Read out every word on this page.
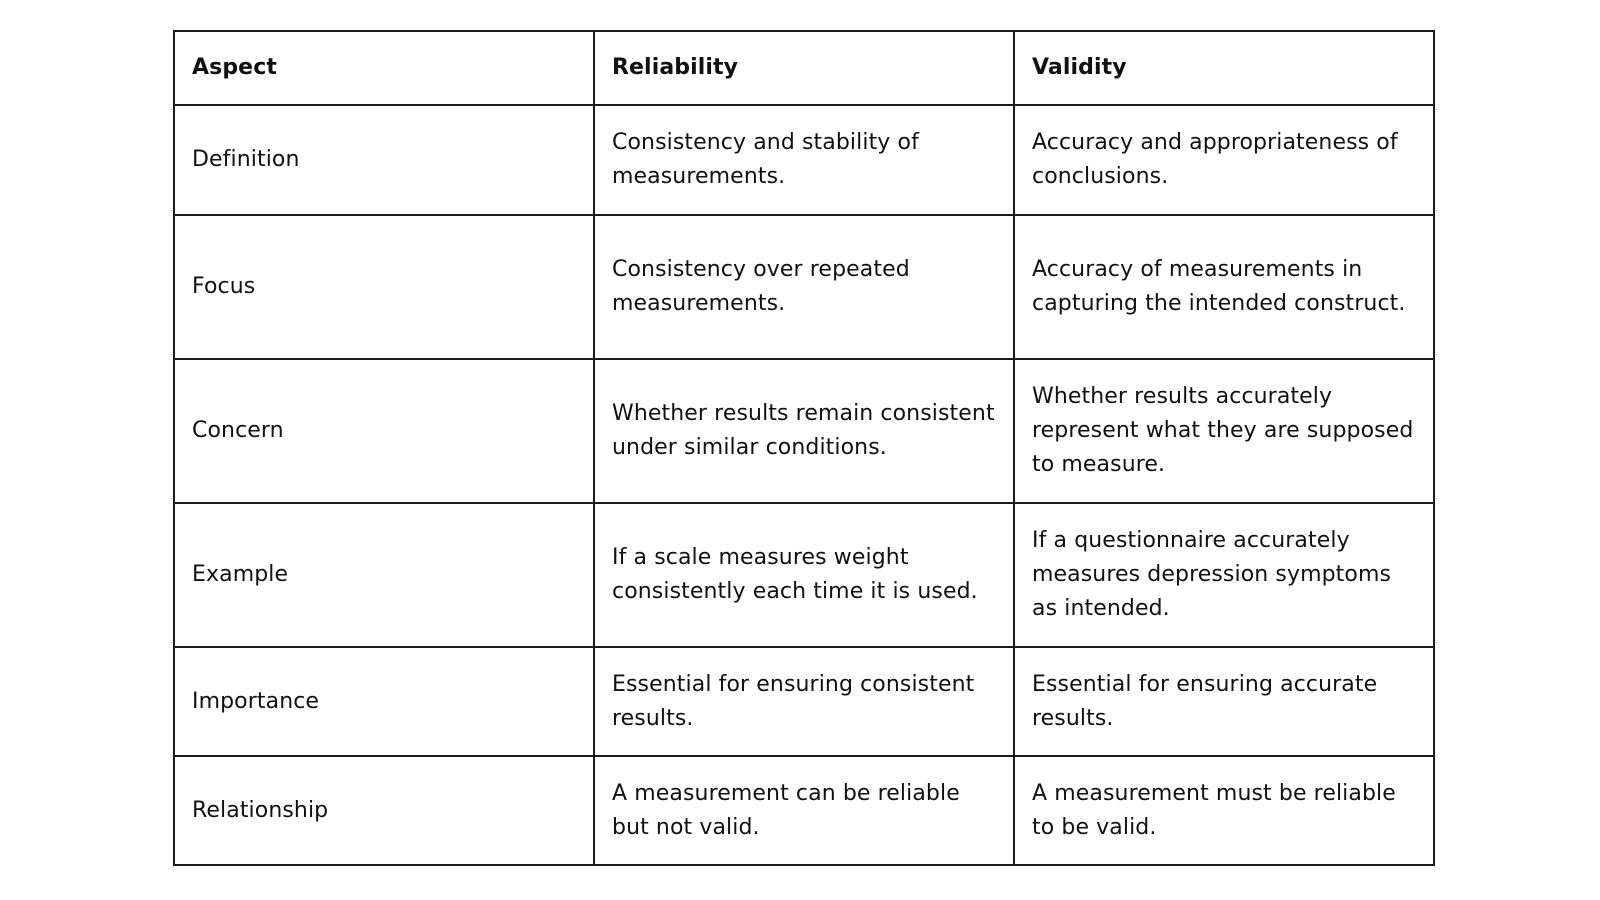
Aspect	Reliability	Validity
Definition	Consistency and stability of measurements.	Accuracy and appropriateness of conclusions.
Focus	Consistency over repeated measurements.	Accuracy of measurements in capturing the intended construct.
Concern	Whether results remain consistent under similar conditions.	Whether results accurately represent what they are supposed to measure.
Example	If a scale measures weight consistently each time it is used.	If a questionnaire accurately measures depression symptoms as intended.
Importance	Essential for ensuring consistent results.	Essential for ensuring accurate results.
Relationship	A measurement can be reliable but not valid.	A measurement must be reliable to be valid.
